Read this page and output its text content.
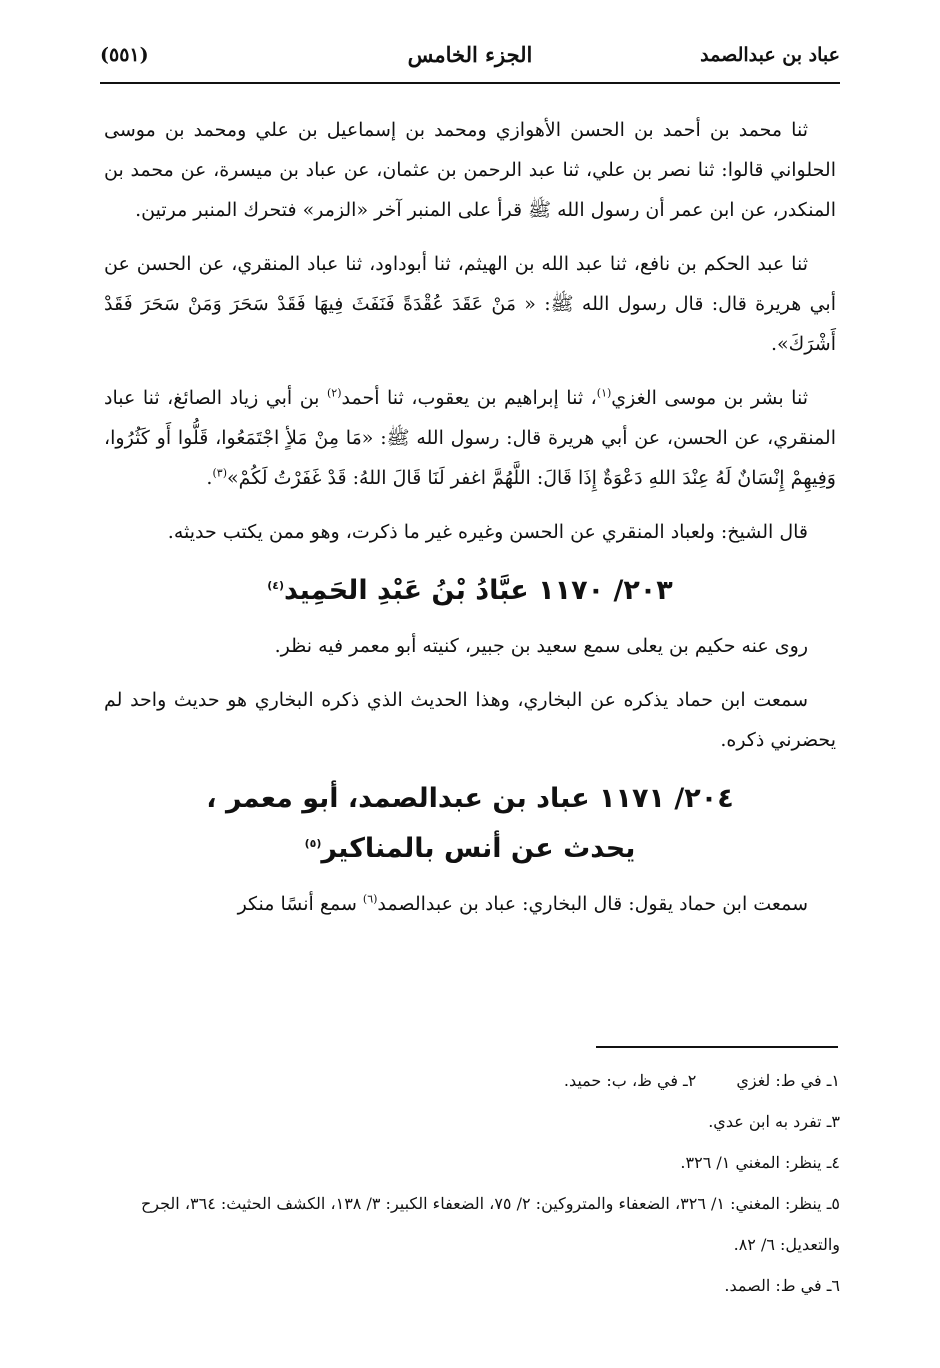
عباد بن عبدالصمد
الجزء الخامس
(٥٥١)

ثنا محمد بن أحمد بن الحسن الأهوازي ومحمد بن إسماعيل بن علي ومحمد بن موسى الحلواني قالوا: ثنا نصر بن علي، ثنا عبد الرحمن بن عثمان، عن عباد بن ميسرة، عن محمد بن المنكدر، عن ابن عمر أن رسول الله ﷺ قرأ على المنبر آخر «الزمر» فتحرك المنبر مرتين.

ثنا عبد الحكم بن نافع، ثنا عبد الله بن الهيثم، ثنا أبوداود، ثنا عباد المنقري، عن الحسن عن أبي هريرة قال: قال رسول الله ﷺ: « مَنْ عَقَدَ عُقْدَةً فَنَفَثَ فِيهَا فَقَدْ سَحَرَ وَمَنْ سَحَرَ فَقَدْ أَشْرَكَ».

ثنا بشر بن موسى الغزي$^{(١)}$، ثنا إبراهيم بن يعقوب، ثنا أحمد$^{(٢)}$ بن أبي زياد الصائغ، ثنا عباد المنقري، عن الحسن، عن أبي هريرة قال: رسول الله ﷺ: «مَا مِنْ مَلأٍ اجْتَمَعُوا، قَلُّوا أَو كَثُرُوا، وَفِيهِمْ إِنْسَانٌ لَهُ عِنْدَ اللهِ دَعْوَةٌ إِذَا قَالَ: اللَّهُمَّ اغفر لَنَا قَالَ اللهُ: قَدْ غَفَرْتُ لَكُمْ»$^{(٣)}$.

قال الشيخ: ولعباد المنقري عن الحسن وغيره غير ما ذكرت، وهو ممن يكتب حديثه.

٢٠٣/ ١١٧٠ عبَّادُ بْنُ عَبْدِ الحَمِيد$^{(٤)}$

روى عنه حكيم بن يعلى سمع سعيد بن جبير، كنيته أبو معمر فيه نظر.

سمعت ابن حماد يذكره عن البخاري، وهذا الحديث الذي ذكره البخاري هو حديث واحد لم يحضرني ذكره.

٢٠٤/ ١١٧١ عباد بن عبدالصمد، أبو معمر ،
يحدث عن أنس بالمناكير$^{(٥)}$

سمعت ابن حماد يقول: قال البخاري: عباد بن عبدالصمد$^{(٦)}$ سمع أنسًا منكر

١ـ في ط: لغزي٢ـ في ظ، ب: حميد.

٣ـ تفرد به ابن عدي.

٤ـ ينظر: المغني ١/ ٣٢٦.

٥ـ ينظر: المغني: ١/ ٣٢٦، الضعفاء والمتروكين: ٢/ ٧٥، الضعفاء الكبير: ٣/ ١٣٨، الكشف الحثيث: ٣٦٤، الجرح والتعديل: ٦/ ٨٢.

٦ـ في ط: الصمد.
